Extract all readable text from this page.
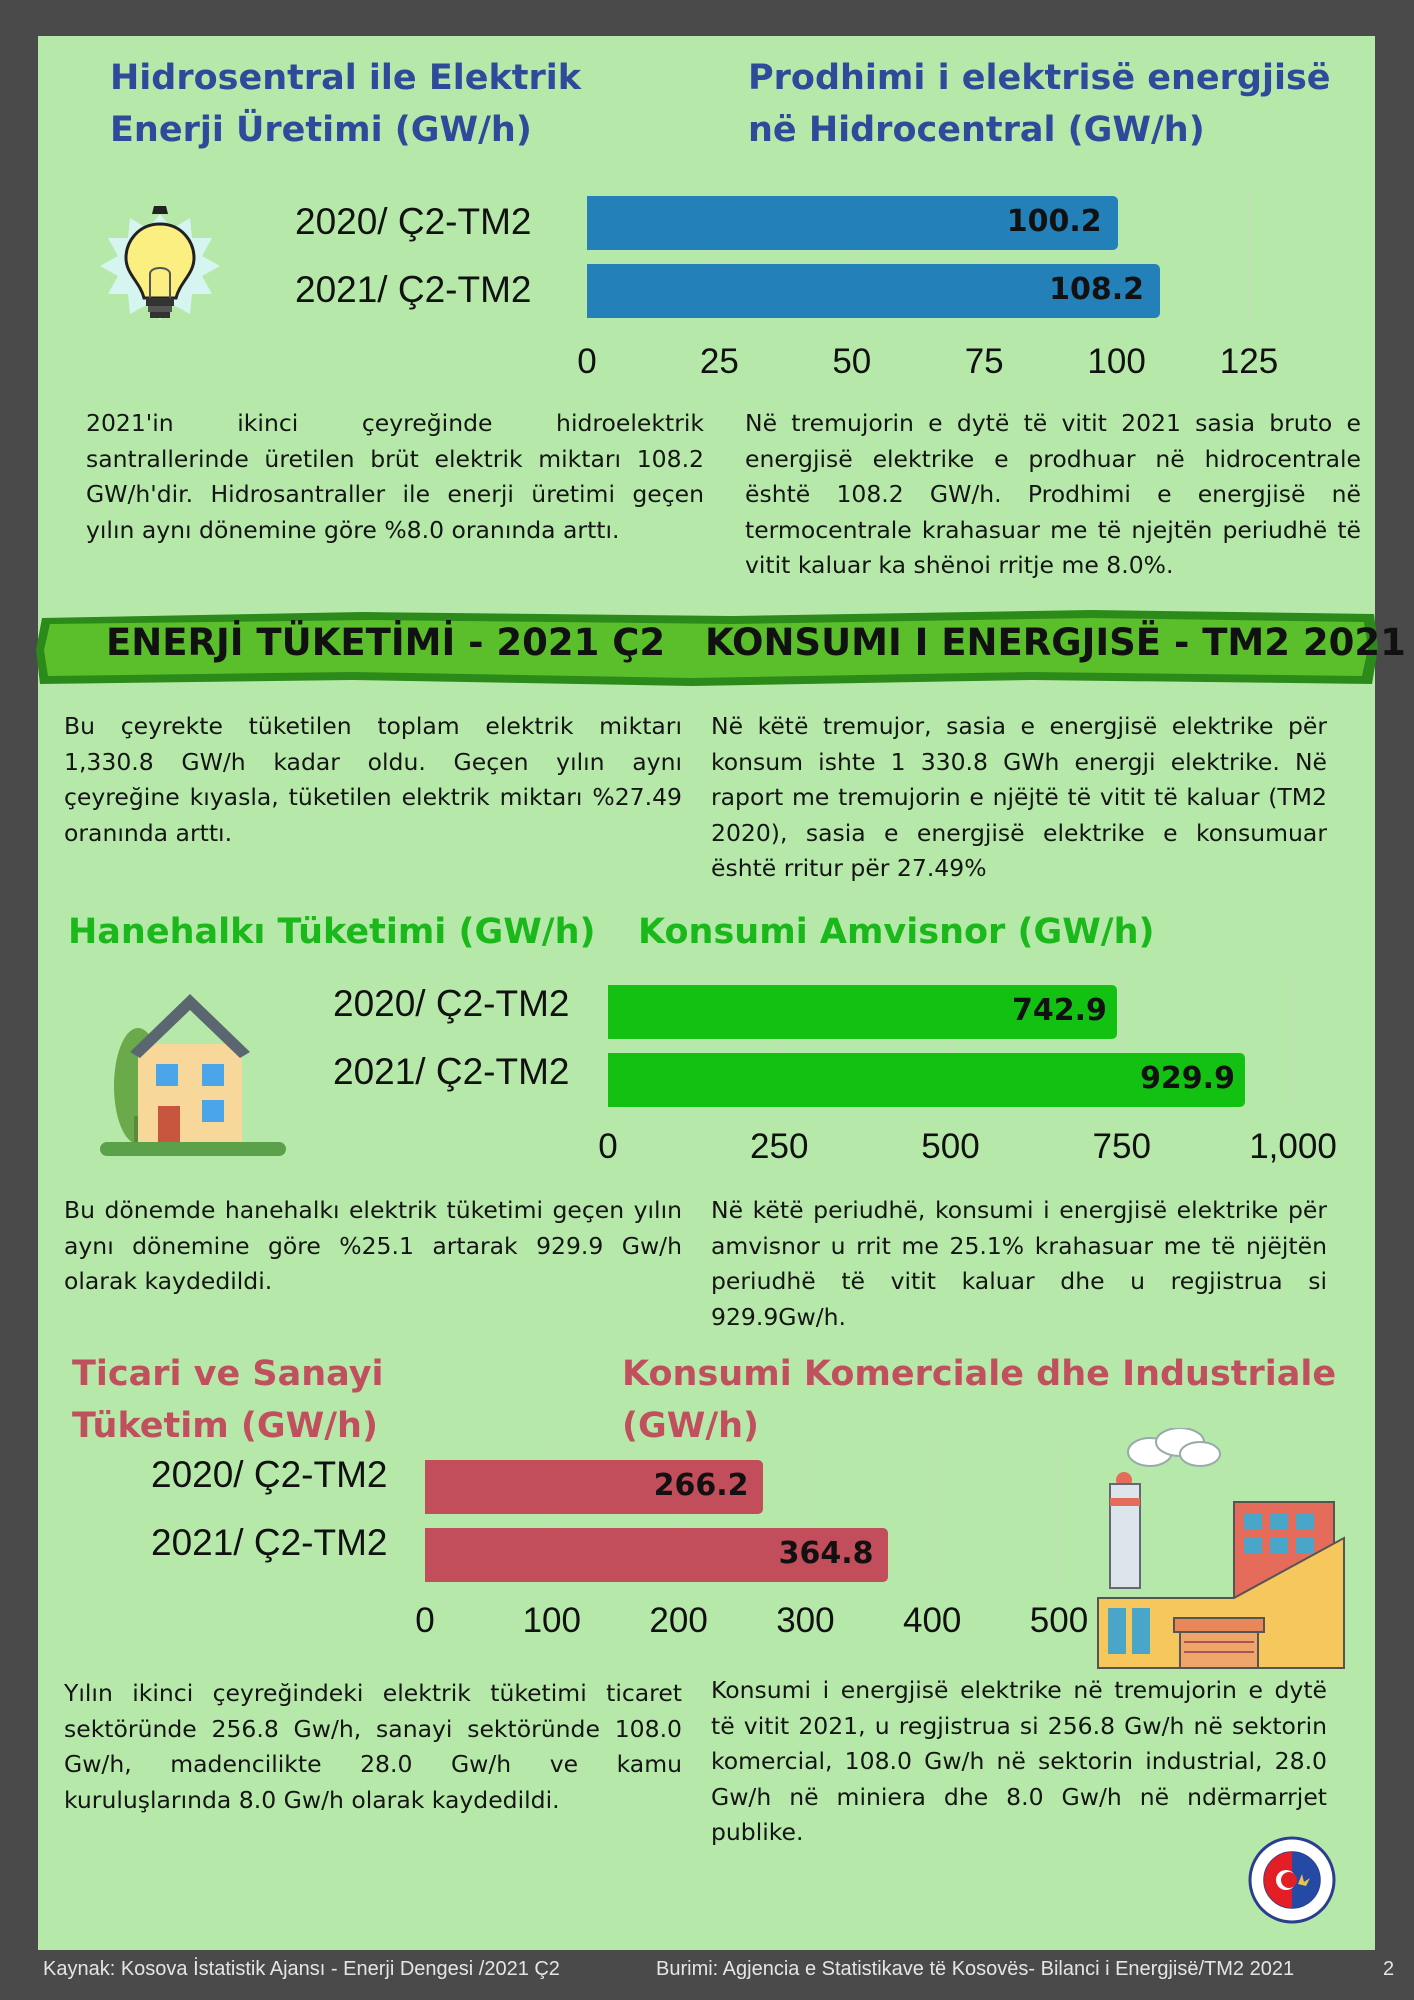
Hidrosentral ile Elektrik Enerji Üretimi (GW/h)
Prodhimi i elektrisë energjisë në Hidrocentral (GW/h)
2020/ Ç2-TM2
2021/ Ç2-TM2
0	25	50	75 100 125
100.2
108.2
2021'in ikinci çeyreğinde hidroelektrik santrallerinde üretilen brüt elektrik miktarı 108.2 GW/h'dir. Hidrosantraller ile enerji üretimi geçen yılın aynı dönemine göre %8.0 oranında arttı.
Në tremujorin e dytë të vitit 2021 sasia bruto e energjisë elektrike e prodhuar në hidrocentrale është 108.2 GW/h. Prodhimi e energjisë në termocentrale krahasuar me të njejtën periudhë të vitit kaluar ka shënoi rritje me 8.0%.
ENERJİ TÜKETİMİ - 2021 Ç2 KONSUMI I ENERGJISË - TM2 2021
Bu çeyrekte tüketilen toplam elektrik miktarı 1,330.8 GW/h kadar oldu. Geçen yılın aynı çeyreğine kıyasla, tüketilen elektrik miktarı %27.49 oranında arttı.
Në këtë tremujor, sasia e energjisë elektrike për konsum ishte 1 330.8 GWh energji elektrike. Në raport me tremujorin e njëjtë të vitit të kaluar (TM2 2020), sasia e energjisë elektrike e konsumuar është rritur për 27.49%
Hanehalkı Tüketimi (GW/h) Konsumi Amvisnor (GW/h)
2020/ Ç2-TM2
2021/ Ç2-TM2
0	250	500	750	1,000
742.9
929.9
Bu dönemde hanehalkı elektrik tüketimi geçen yılın aynı dönemine göre %25.1 artarak 929.9 Gw/h olarak kaydedildi.
Në këtë periudhë, konsumi i energjisë elektrike për amvisnor u rrit me 25.1% krahasuar me të njëjtën periudhë të vitit kaluar dhe u regjistrua si 929.9Gw/h.
Ticari ve Sanayi Tüketim (GW/h)
Konsumi Komerciale dhe Industriale (GW/h)
2020/ Ç2-TM2
2021/ Ç2-TM2
0	100 200 300 400 500
266.2
364.8
Yılın ikinci çeyreğindeki elektrik tüketimi ticaret sektöründe 256.8 Gw/h, sanayi sektöründe 108.0 Gw/h, madencilikte 28.0 Gw/h ve kamu kuruluşlarında 8.0 Gw/h olarak kaydedildi.
Konsumi i energjisë elektrike në tremujorin e dytë të vitit 2021, u regjistrua si 256.8 Gw/h në sektorin komercial, 108.0 Gw/h në sektorin industrial, 28.0 Gw/h në miniera dhe 8.0 Gw/h në ndërmarrjet publike.
Kaynak: Kosova İstatistik Ajansı - Enerji Dengesi /2021 Ç2	Burimi: Agjencia e Statistikave të Kosovës- Bilanci i Energjisë/TM2 2021	2
